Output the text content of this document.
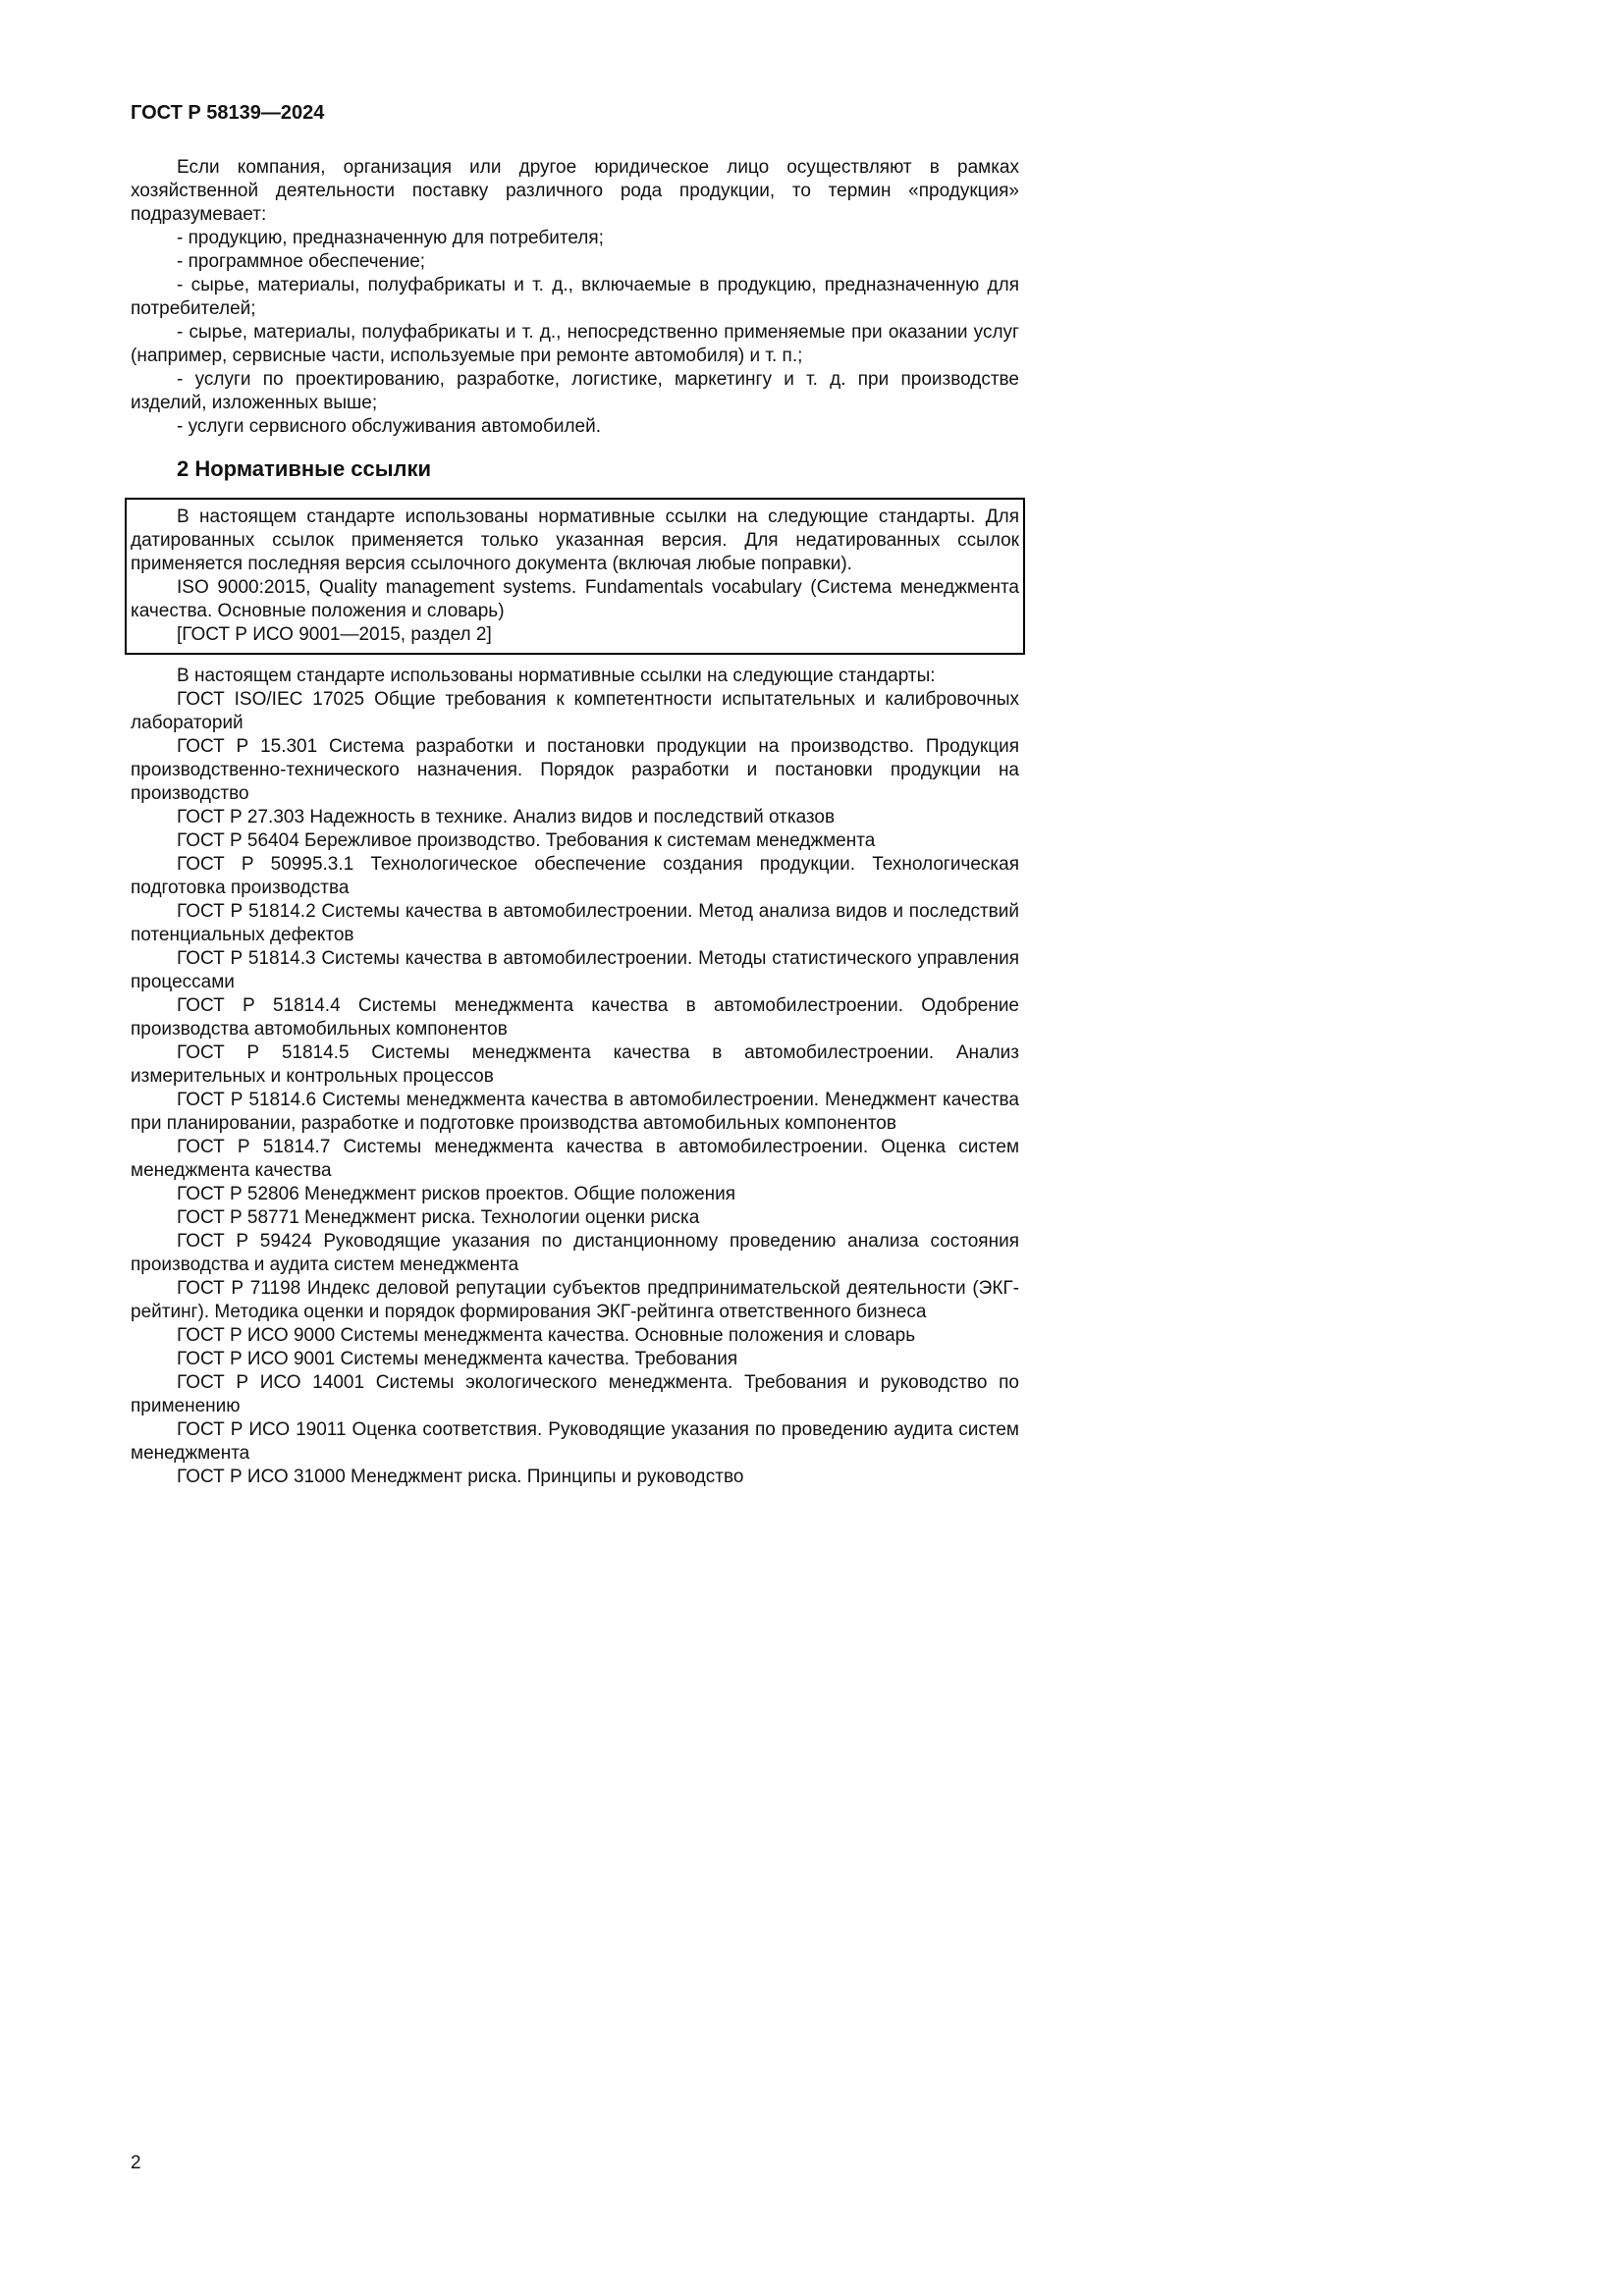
ГОСТ Р 58139—2024

Если компания, организация или другое юридическое лицо осуществляют в рамках хозяйственной деятельности поставку различного рода продукции, то термин «продукция» подразумевает:

- продукцию, предназначенную для потребителя;

- программное обеспечение;

- сырье, материалы, полуфабрикаты и т. д., включаемые в продукцию, предназначенную для потребителей;

- сырье, материалы, полуфабрикаты и т. д., непосредственно применяемые при оказании услуг (например, сервисные части, используемые при ремонте автомобиля) и т. п.;

- услуги по проектированию, разработке, логистике, маркетингу и т. д. при производстве изделий, изложенных выше;

- услуги сервисного обслуживания автомобилей.

2 Нормативные ссылки

В настоящем стандарте использованы нормативные ссылки на следующие стандарты. Для датированных ссылок применяется только указанная версия. Для недатированных ссылок применяется последняя версия ссылочного документа (включая любые поправки).

ISO 9000:2015, Quality management systems. Fundamentals vocabulary (Система менеджмента качества. Основные положения и словарь)

[ГОСТ Р ИСО 9001—2015, раздел 2]

В настоящем стандарте использованы нормативные ссылки на следующие стандарты:

ГОСТ ISO/IEC 17025 Общие требования к компетентности испытательных и калибровочных лабораторий

ГОСТ Р 15.301 Система разработки и постановки продукции на производство. Продукция производственно-технического назначения. Порядок разработки и постановки продукции на производство

ГОСТ Р 27.303 Надежность в технике. Анализ видов и последствий отказов

ГОСТ Р 56404 Бережливое производство. Требования к системам менеджмента

ГОСТ Р 50995.3.1 Технологическое обеспечение создания продукции. Технологическая подготовка производства

ГОСТ Р 51814.2 Системы качества в автомобилестроении. Метод анализа видов и последствий потенциальных дефектов

ГОСТ Р 51814.3 Системы качества в автомобилестроении. Методы статистического управления процессами

ГОСТ Р 51814.4 Системы менеджмента качества в автомобилестроении. Одобрение производства автомобильных компонентов

ГОСТ Р 51814.5 Системы менеджмента качества в автомобилестроении. Анализ измерительных и контрольных процессов

ГОСТ Р 51814.6 Системы менеджмента качества в автомобилестроении. Менеджмент качества при планировании, разработке и подготовке производства автомобильных компонентов

ГОСТ Р 51814.7 Системы менеджмента качества в автомобилестроении. Оценка систем менеджмента качества

ГОСТ Р 52806 Менеджмент рисков проектов. Общие положения

ГОСТ Р 58771 Менеджмент риска. Технологии оценки риска

ГОСТ Р 59424 Руководящие указания по дистанционному проведению анализа состояния производства и аудита систем менеджмента

ГОСТ Р 71198 Индекс деловой репутации субъектов предпринимательской деятельности (ЭКГ-рейтинг). Методика оценки и порядок формирования ЭКГ-рейтинга ответственного бизнеса

ГОСТ Р ИСО 9000 Системы менеджмента качества. Основные положения и словарь

ГОСТ Р ИСО 9001 Системы менеджмента качества. Требования

ГОСТ Р ИСО 14001 Системы экологического менеджмента. Требования и руководство по применению

ГОСТ Р ИСО 19011 Оценка соответствия. Руководящие указания по проведению аудита систем менеджмента

ГОСТ Р ИСО 31000 Менеджмент риска. Принципы и руководство

2
